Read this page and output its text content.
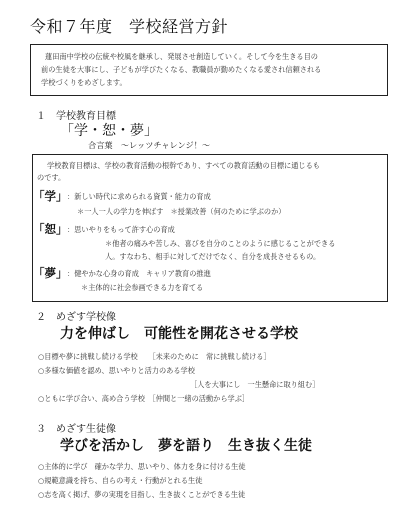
令和７年度　学校経営方針
蓮田南中学校の伝統や校風を継承し、発展させ創造していく。そして今を生きる目の
前の生徒を大事にし、子どもが学びたくなる、教職員が勤めたくなる愛され信頼される
学校づくりをめざします。
１　学校教育目標
「学・恕・夢」
合言葉　～レッツチャレンジ！～
学校教育目標は、学校の教育活動の根幹であり、すべての教育活動の目標に通じるも
のです。
「学」 ：新しい時代に求められる資質・能力の育成
＊一人一人の学力を伸ばす　＊授業改善（何のために学ぶのか）
「恕」 ：思いやりをもって許す心の育成
＊他者の痛みや苦しみ、喜びを自分のことのように感じることができる
人。すなわち、相手に対してだけでなく、自分を成長させるもの。
「夢」 ：健やかな心身の育成　キャリア教育の推進
＊主体的に社会参画できる力を育てる
２　めざす学校像
力を伸ばし　可能性を開花させる学校
○目標や夢に挑戦し続ける学校　　［未来のために　常に挑戦し続ける］
○多様な価値を認め、思いやりと活力のある学校
［人を大事にし　一生懸命に取り組む］
○ともに学び合い、高め合う学校　［仲間と一緒の活動から学ぶ］
３　めざす生徒像
学びを活かし　夢を語り　生き抜く生徒
○主体的に学び　確かな学力、思いやり、体力を身に付ける生徒
○規範意識を持ち、自らの考え・行動がとれる生徒
○志を高く掲げ、夢の実現を目指し、生き抜くことができる生徒
